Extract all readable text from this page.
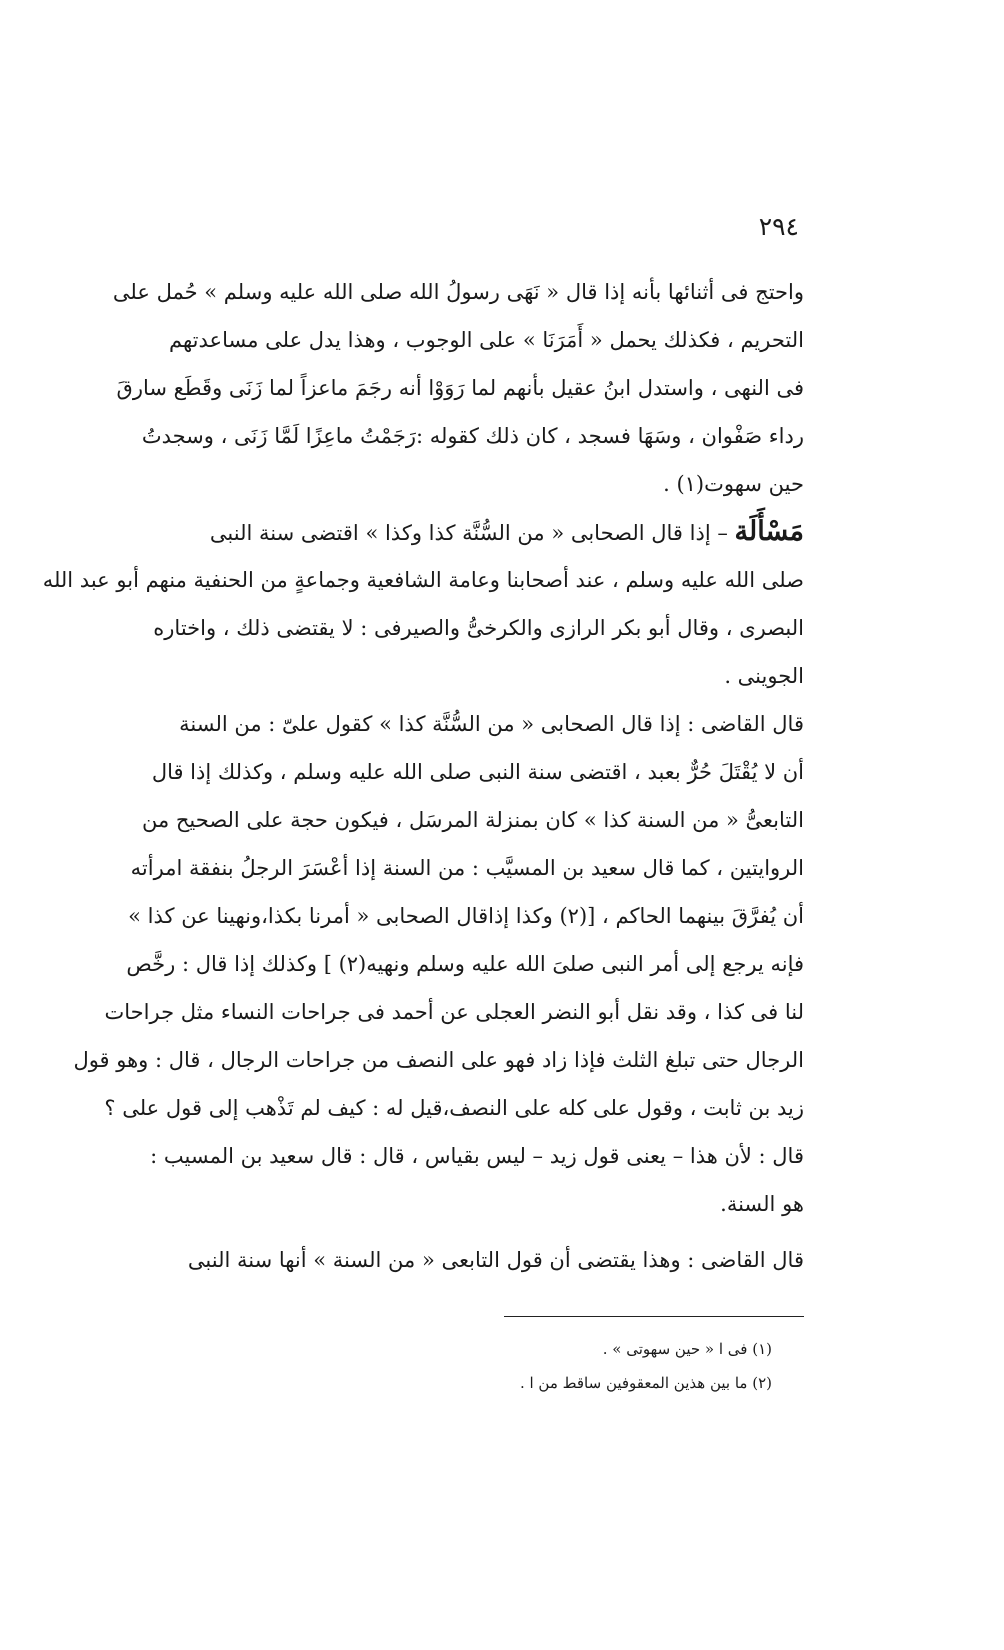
٢٩٤
واحتج فى أثنائها بأنه إذا قال « نَهَى رسولُ الله صلى الله عليه وسلم » حُمل على
التحريم ، فكذلك يحمل « أَمَرَنَا » على الوجوب ، وهذا يدل على مساعدتهم
فى النهى ، واستدل ابنُ عقيل بأنهم لما رَوَوْا أنه رجَمَ ماعزاً لما زَنَى وقَطَع سارقَ
رداء صَفْوان ، وسَهَا فسجد ، كان ذلك كقوله :رَجَمْتُ ماعِزًا لَمَّا زَنَى ، وسجدتُ
حين سهوت(١) .
مَسْأَلَة – إذا قال الصحابى « من السُّنَّة كذا وكذا » اقتضى سنة النبى
صلى الله عليه وسلم ، عند أصحابنا وعامة الشافعية وجماعةٍ من الحنفية منهم أبو عبد الله
البصرى ، وقال أبو بكر الرازى والكرخىُّ والصيرفى : لا يقتضى ذلك ، واختاره
الجوينى .
قال القاضى : إذا قال الصحابى « من السُّنَّة كذا » كقول علىّ : من السنة
أن لا يُقْتَلَ حُرٌّ بعبد ، اقتضى سنة النبى صلى الله عليه وسلم ، وكذلك إذا قال
التابعىُّ « من السنة كذا » كان بمنزلة المرسَل ، فيكون حجة على الصحيح من
الروايتين ، كما قال سعيد بن المسيَّب : من السنة إذا أعْسَرَ الرجلُ بنفقة امرأته
أن يُفرَّقَ بينهما الحاكم ، [(٢) وكذا إذاقال الصحابى « أمرنا بكذا،ونهينا عن كذا »
فإنه يرجع إلى أمر النبى صلىَ الله عليه وسلم ونهيه(٢) ] وكذلك إذا قال : رخَّص
لنا فى كذا ، وقد نقل أبو النضر العجلى عن أحمد فى جراحات النساء مثل جراحات
الرجال حتى تبلغ الثلث فإذا زاد فهو على النصف من جراحات الرجال ، قال : وهو قول
زيد بن ثابت ، وقول على كله على النصف،قيل له : كيف لم تَذْهب إلى قول على ؟
قال : لأن هذا – يعنى قول زيد – ليس بقياس ، قال : قال سعيد بن المسيب :
هو السنة.
قال القاضى : وهذا يقتضى أن قول التابعى « من السنة » أنها سنة النبى
(١) فى ا « حين سهوتى » .
(٢) ما بين هذين المعقوفين ساقط من ا .
